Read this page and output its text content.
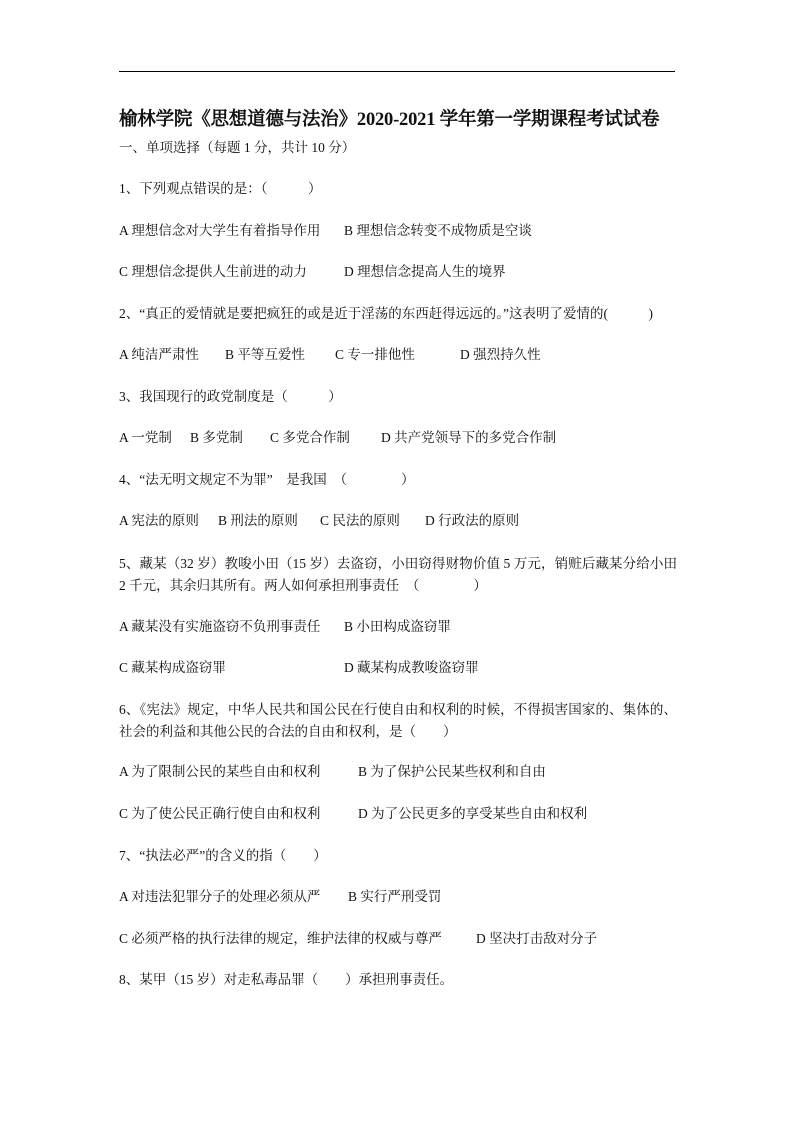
榆林学院《思想道德与法治》2020-2021 学年第一学期课程考试试卷
一、单项选择（每题 1 分，共计 10 分）
1、下列观点错误的是：（　　　）
A 理想信念对大学生有着指导作用 B 理想信念转变不成物质是空谈
C 理想信念提供人生前进的动力	D 理想信念提高人生的境界
2、“真正的爱情就是要把疯狂的或是近于淫荡的东西赶得远远的。”这表明了爱情的(　　　)
A 纯洁严肃性 B 平等互爱性 C 专一排他性	D 强烈持久性
3、我国现行的政党制度是（　　　）
A 一党制 B 多党制 C 多党合作制 D 共产党领导下的多党合作制
4、“法无明文规定不为罪”　是我国　（　　　　）
A 宪法的原则 B 刑法的原则 C 民法的原则 D 行政法的原则
5、藏某（32 岁）教唆小田（15 岁）去盗窃，小田窃得财物价值 5 万元，销赃后藏某分给小田 2 千元，其余归其所有。两人如何承担刑事责任　（　　　　）
A 藏某没有实施盗窃不负刑事责任 B 小田构成盗窃罪
C 藏某构成盗窃罪	D 藏某构成教唆盗窃罪
6、《宪法》规定，中华人民共和国公民在行使自由和权利的时候，不得损害国家的、集体的、社会的利益和其他公民的合法的自由和权利，是（　　）
A 为了限制公民的某些自由和权利	B 为了保护公民某些权利和自由
C 为了使公民正确行使自由和权利	D 为了公民更多的享受某些自由和权利
7、“执法必严”的含义的指（　　）
A 对违法犯罪分子的处理必须从严 B 实行严刑受罚
C 必须严格的执行法律的规定，维护法律的权威与尊严	D 坚决打击敌对分子
8、某甲（15 岁）对走私毒品罪（　　）承担刑事责任。
